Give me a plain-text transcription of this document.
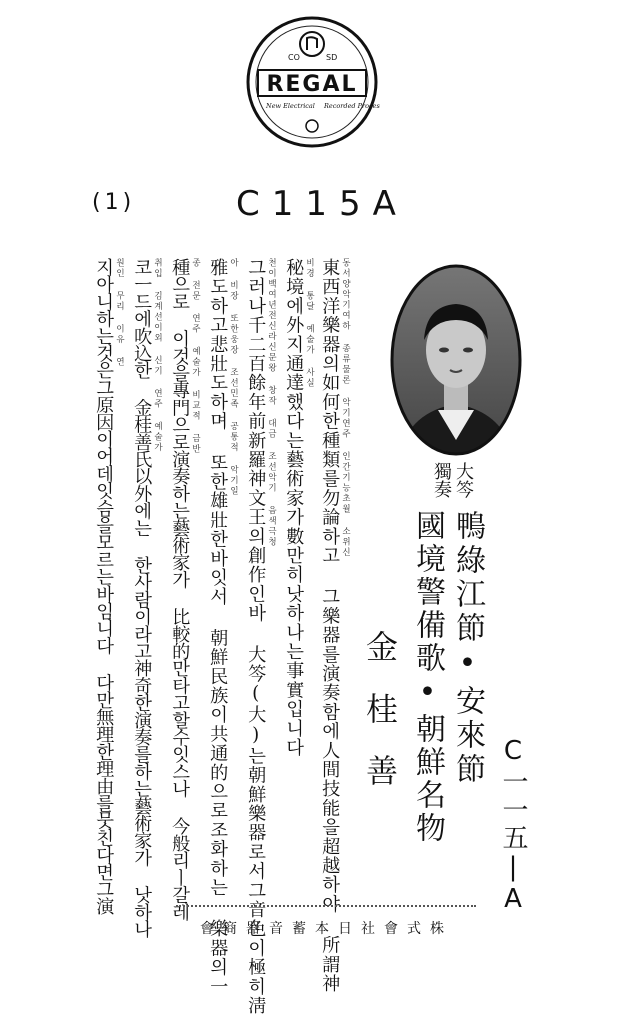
CO	SD
REGAL
New Electrical Recorded Process
(1)	C115A
大笒
獨奏
鴨綠江節•安來節
國境警備歌•朝鮮名物
金桂善
C一一五|A
東西洋樂器의如何한種類를勿論하고 그樂器를演奏함에人間技能을超越하야 所謂神 동서양악기여하 종류물론 악기연주 인간기능초월 소위신
秘境에外지通達했다는藝術家가數만히낫하나는事實입니다 비경 통달 예술가 사실
그러나千二百餘年前新羅神文王의創作인바 大笒(大)는朝鮮樂器로서그音色이極히淸 천이백여년전신라신문왕 창작 대금 조선악기 음색극청
雅도하고悲壯도하며 또한雄壯한바잇서 朝鮮民族이共通的으로조화하는 樂器의一 아 비장 또한웅장 조선민족 공통적 악기일
種으로 이것을專門으로演奏하는藝術家가 比較的만타고할수잇스나 今般리ㅣ갈레 종 전문 연주 예술가 비교적 금반
코ㅡ드에吹込한 金桂善氏以外에는 한사람이라고神奇한演奏를하는藝術家가 낫하나 취입 김계선이외 신기 연주 예술가
지아니하는것은그原因이어데잇슴을모르는바임니다 다만無理한理由를뭇친다면그演 원인 무리 이유 연
會商器音蓄本日社會式株
